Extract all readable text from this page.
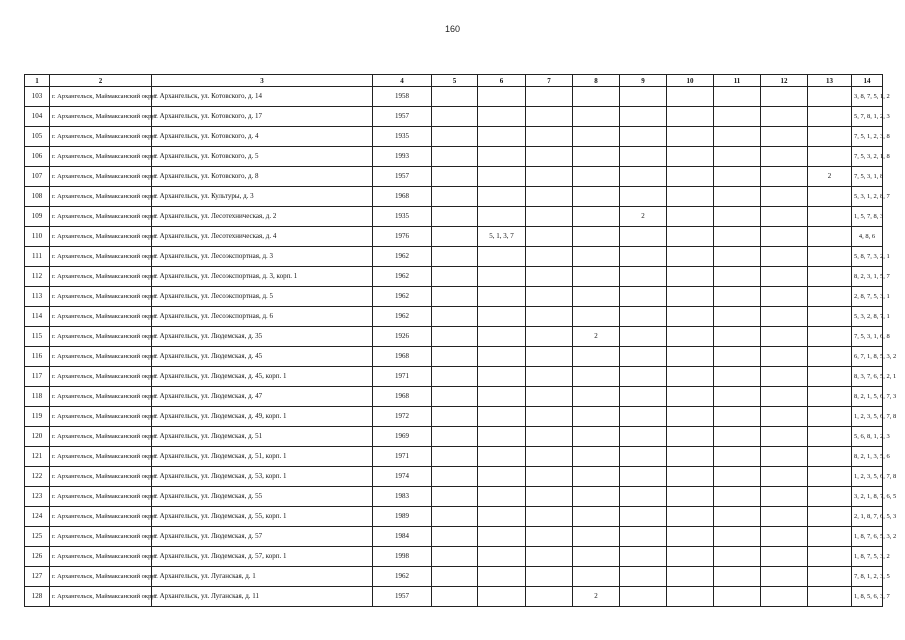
160
1	2	3	4	5	6	7	8	9	10	11	12	13	14
103	г. Архангельск, Маймаксанский округ	г. Архангельск, ул. Котовского, д. 14	1958										3, 8, 7, 5, 1, 2
104	г. Архангельск, Маймаксанский округ	г. Архангельск, ул. Котовского, д. 17	1957										5, 7, 8, 1, 2, 3
105	г. Архангельск, Маймаксанский округ	г. Архангельск, ул. Котовского, д. 4	1935										7, 5, 1, 2, 3, 8
106	г. Архангельск, Маймаксанский округ	г. Архангельск, ул. Котовского, д. 5	1993										7, 5, 3, 2, 1, 8
107	г. Архангельск, Маймаксанский округ	г. Архангельск, ул. Котовского, д. 8	1957									2	7, 5, 3, 1, 8
108	г. Архангельск, Маймаксанский округ	г. Архангельск, ул. Культуры, д. 3	1968										5, 3, 1, 2, 8, 7
109	г. Архангельск, Маймаксанский округ	г. Архангельск, ул. Лесотехническая, д. 2	1935					2					1, 5, 7, 8, 3
110	г. Архангельск, Маймаксанский округ	г. Архангельск, ул. Лесотехническая, д. 4	1976		5, 1, 3, 7								4, 8, 6
111	г. Архангельск, Маймаксанский округ	г. Архангельск, ул. Лесоэкспортная, д. 3	1962										5, 8, 7, 3, 2, 1
112	г. Архангельск, Маймаксанский округ	г. Архангельск, ул. Лесоэкспортная, д. 3, корп. 1	1962										8, 2, 3, 1, 5, 7
113	г. Архангельск, Маймаксанский округ	г. Архангельск, ул. Лесоэкспортная, д. 5	1962										2, 8, 7, 5, 3, 1
114	г. Архангельск, Маймаксанский округ	г. Архангельск, ул. Лесоэкспортная, д. 6	1962										5, 3, 2, 8, 7, 1
115	г. Архангельск, Маймаксанский округ	г. Архангельск, ул. Людемская, д. 35	1926				2						7, 5, 3, 1, 6, 8
116	г. Архангельск, Маймаксанский округ	г. Архангельск, ул. Людемская, д. 45	1968										6, 7, 1, 8, 5, 3, 2
117	г. Архангельск, Маймаксанский округ	г. Архангельск, ул. Людемская, д. 45, корп. 1	1971										8, 3, 7, 6, 5, 2, 1
118	г. Архангельск, Маймаксанский округ	г. Архангельск, ул. Людемская, д. 47	1968										8, 2, 1, 5, 6, 7, 3
119	г. Архангельск, Маймаксанский округ	г. Архангельск, ул. Людемская, д. 49, корп. 1	1972										1, 2, 3, 5, 6, 7, 8
120	г. Архангельск, Маймаксанский округ	г. Архангельск, ул. Людемская, д. 51	1969										5, 6, 8, 1, 2, 3
121	г. Архангельск, Маймаксанский округ	г. Архангельск, ул. Людемская, д. 51, корп. 1	1971										8, 2, 1, 3, 5, 6
122	г. Архангельск, Маймаксанский округ	г. Архангельск, ул. Людемская, д. 53, корп. 1	1974										1, 2, 3, 5, 6, 7, 8
123	г. Архангельск, Маймаксанский округ	г. Архангельск, ул. Людемская, д. 55	1983										3, 2, 1, 8, 7, 6, 5
124	г. Архангельск, Маймаксанский округ	г. Архангельск, ул. Людемская, д. 55, корп. 1	1989										2, 1, 8, 7, 6, 5, 3
125	г. Архангельск, Маймаксанский округ	г. Архангельск, ул. Людемская, д. 57	1984										1, 8, 7, 6, 5, 3, 2
126	г. Архангельск, Маймаксанский округ	г. Архангельск, ул. Людемская, д. 57, корп. 1	1998										1, 8, 7, 5, 3, 2
127	г. Архангельск, Маймаксанский округ	г. Архангельск, ул. Луганская, д. 1	1962										7, 8, 1, 2, 3, 5
128	г. Архангельск, Маймаксанский округ	г. Архангельск, ул. Луганская, д. 11	1957				2						1, 8, 5, 6, 3, 7
